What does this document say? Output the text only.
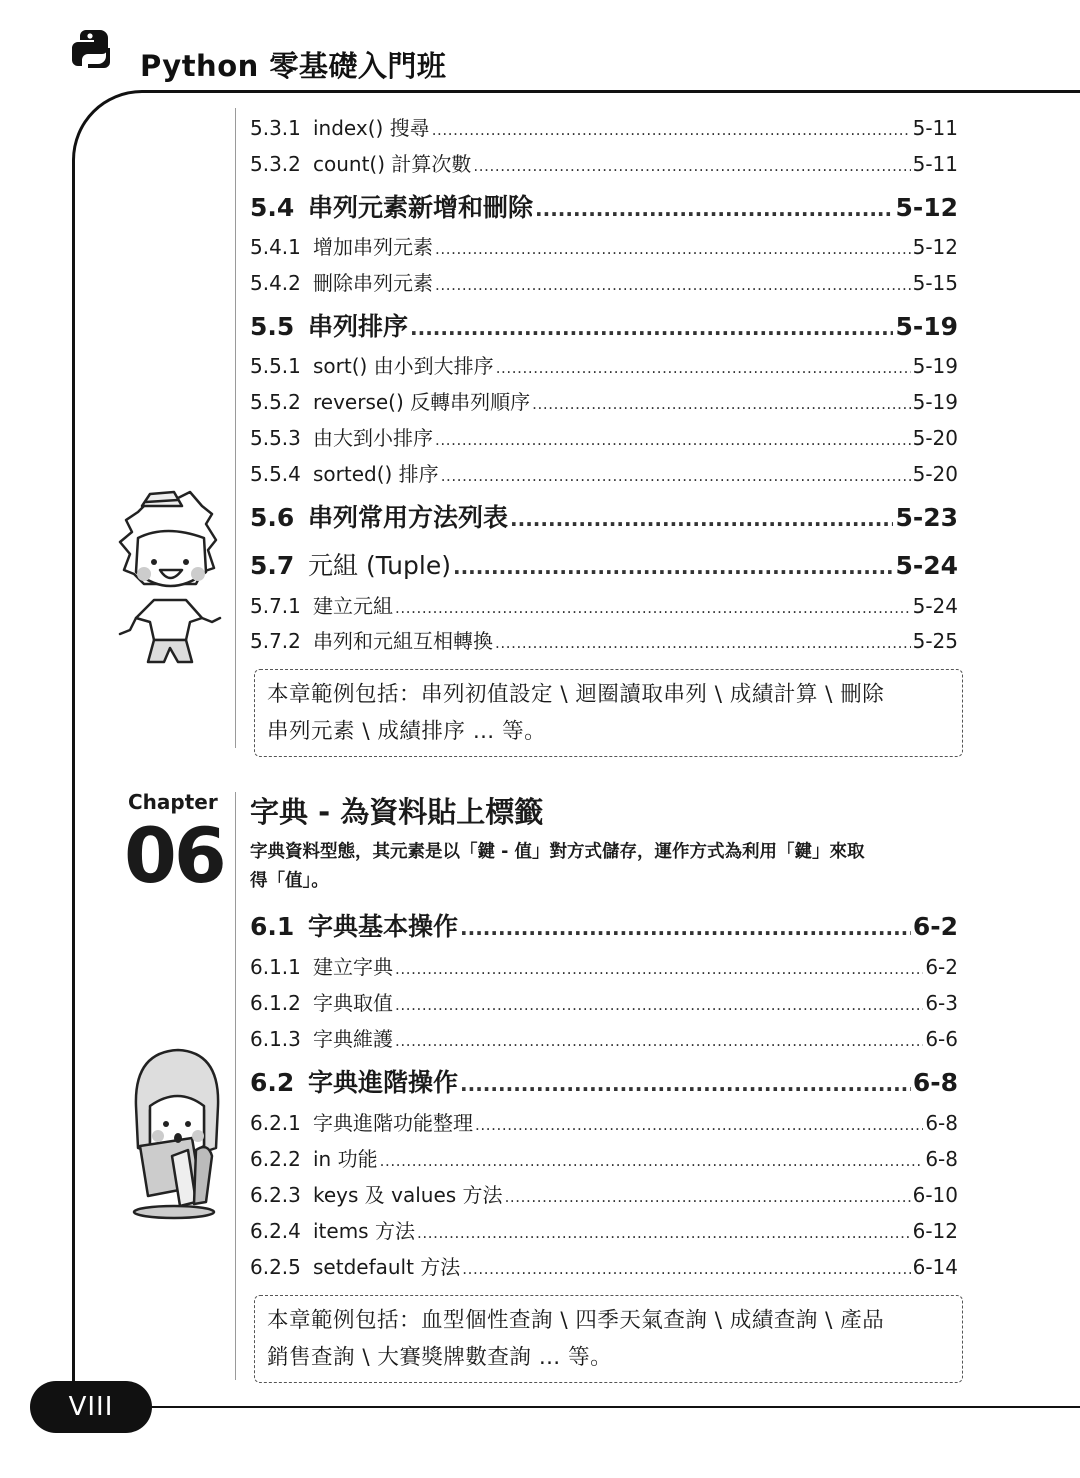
Python 零基礎入門班
VIII
5.3.1 index() 搜尋 .....	5-11
5.3.2 count() 計算次數 .....	5-11
5.4 串列元素新增和刪除 .....	5-12
5.4.1 增加串列元素 .....	5-12
5.4.2 刪除串列元素 .....	5-15
5.5 串列排序 .....	5-19
5.5.1 sort() 由小到大排序 .....	5-19
5.5.2 reverse() 反轉串列順序 .....	5-19
5.5.3 由大到小排序 .....	5-20
5.5.4 sorted() 排序 .....	5-20
5.6 串列常用方法列表 .....	5-23
5.7 元組 (Tuple) .....	5-24
5.7.1 建立元組 .....	5-24
5.7.2 串列和元組互相轉換 .....	5-25
本章範例包括：串列初值設定 \ 迴圈讀取串列 \ 成績計算 \ 刪除
串列元素 \ 成績排序 … 等。
Chapter
06 字典 - 為資料貼上標籤
字典資料型態，其元素是以「鍵 - 值」對方式儲存，運作方式為利用「鍵」來取
得「值」。
6.1 字典基本操作 .....	6-2
6.1.1 建立字典 .....	6-2
6.1.2 字典取值 .....	6-3
6.1.3 字典維護 .....	6-6
6.2 字典進階操作 .....	6-8
6.2.1 字典進階功能整理 .....	6-8
6.2.2 in 功能 .....	6-8
6.2.3 keys 及 values 方法 .....	6-10
6.2.4 items 方法 .....	6-12
6.2.5 setdefault 方法 .....	6-14
本章範例包括：血型個性查詢 \ 四季天氣查詢 \ 成績查詢 \ 產品
銷售查詢 \ 大賽獎牌數查詢 … 等。
